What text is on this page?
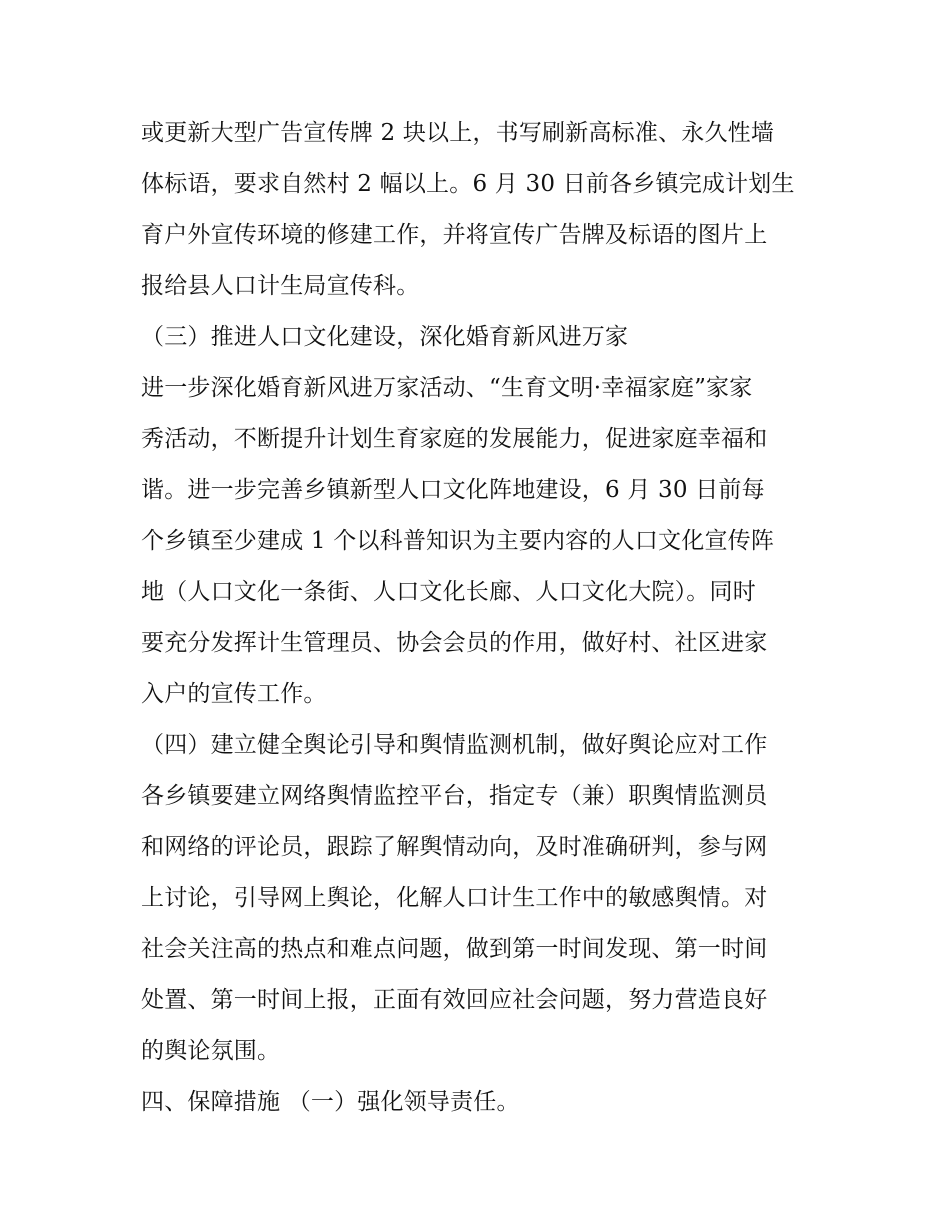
或更新大型广告宣传牌 2 块以上，书写刷新高标准、永久性墙
体标语，要求自然村 2 幅以上。6 月 30 日前各乡镇完成计划生
育户外宣传环境的修建工作，并将宣传广告牌及标语的图片上
报给县人口计生局宣传科。
（三）推进人口文化建设，深化婚育新风进万家
进一步深化婚育新风进万家活动、“生育文明·幸福家庭”家家
秀活动，不断提升计划生育家庭的发展能力，促进家庭幸福和
谐。进一步完善乡镇新型人口文化阵地建设，6 月 30 日前每
个乡镇至少建成 1 个以科普知识为主要内容的人口文化宣传阵
地（人口文化一条街、人口文化长廊、人口文化大院）。同时
要充分发挥计生管理员、协会会员的作用，做好村、社区进家
入户的宣传工作。
（四）建立健全舆论引导和舆情监测机制，做好舆论应对工作
各乡镇要建立网络舆情监控平台，指定专（兼）职舆情监测员
和网络的评论员，跟踪了解舆情动向，及时准确研判，参与网
上讨论，引导网上舆论，化解人口计生工作中的敏感舆情。对
社会关注高的热点和难点问题，做到第一时间发现、第一时间
处置、第一时间上报，正面有效回应社会问题，努力营造良好
的舆论氛围。
四、保障措施 （一）强化领导责任。
